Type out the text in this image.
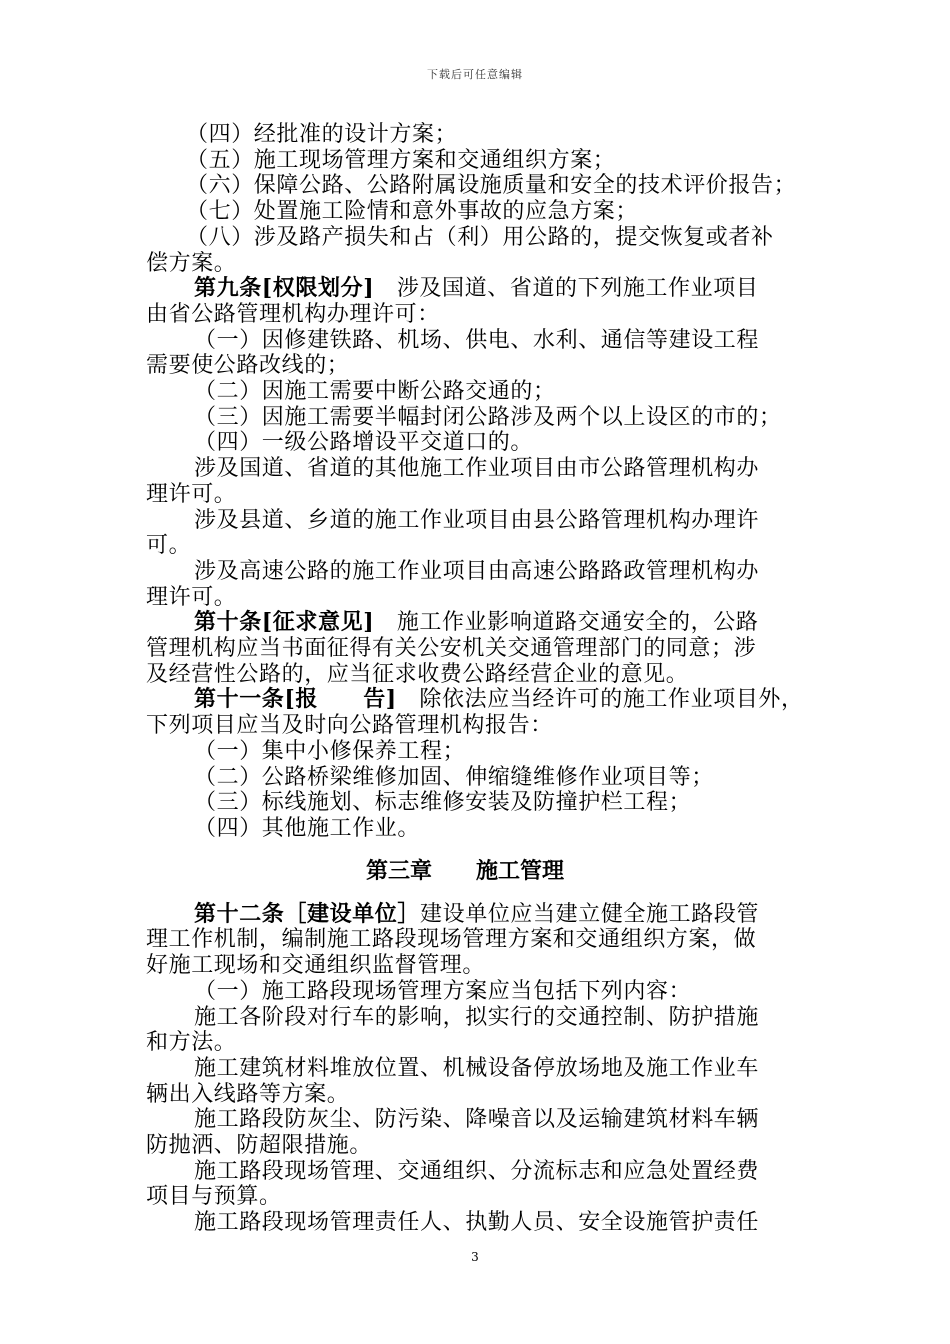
下载后可任意编辑
（四）经批准的设计方案；
（五）施工现场管理方案和交通组织方案；
（六）保障公路、公路附属设施质量和安全的技术评价报告；
（七）处置施工险情和意外事故的应急方案；
（八）涉及路产损失和占（利）用公路的，提交恢复或者补
偿方案。
第九条[权限划分]　涉及国道、省道的下列施工作业项目
由省公路管理机构办理许可：
（一）因修建铁路、机场、供电、水利、通信等建设工程
需要使公路改线的；
（二）因施工需要中断公路交通的；
（三）因施工需要半幅封闭公路涉及两个以上设区的市的；
（四）一级公路增设平交道口的。
涉及国道、省道的其他施工作业项目由市公路管理机构办
理许可。
涉及县道、乡道的施工作业项目由县公路管理机构办理许
可。
涉及高速公路的施工作业项目由高速公路路政管理机构办
理许可。
第十条[征求意见]　施工作业影响道路交通安全的，公路
管理机构应当书面征得有关公安机关交通管理部门的同意；涉
及经营性公路的，应当征求收费公路经营企业的意见。
第十一条[报　　告]　除依法应当经许可的施工作业项目外，
下列项目应当及时向公路管理机构报告：
（一）集中小修保养工程；
（二）公路桥梁维修加固、伸缩缝维修作业项目等；
（三）标线施划、标志维修安装及防撞护栏工程；
（四）其他施工作业。
第三章 施工管理
第十二条［建设单位］建设单位应当建立健全施工路段管
理工作机制，编制施工路段现场管理方案和交通组织方案，做
好施工现场和交通组织监督管理。
（一）施工路段现场管理方案应当包括下列内容：
施工各阶段对行车的影响，拟实行的交通控制、防护措施
和方法。
施工建筑材料堆放位置、机械设备停放场地及施工作业车
辆出入线路等方案。
施工路段防灰尘、防污染、降噪音以及运输建筑材料车辆
防抛洒、防超限措施。
施工路段现场管理、交通组织、分流标志和应急处置经费
项目与预算。
施工路段现场管理责任人、执勤人员、安全设施管护责任
3
